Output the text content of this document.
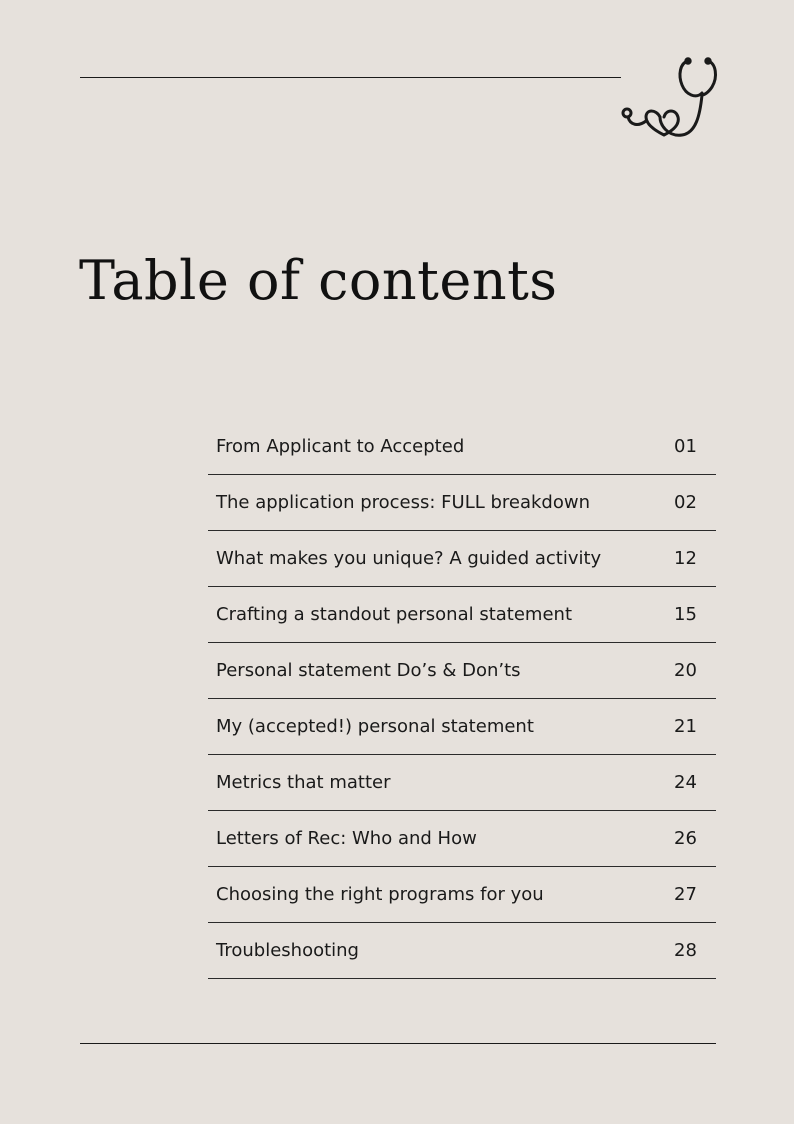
Table of contents
From Applicant to Accepted	01
The application process: FULL breakdown	02
What makes you unique? A guided activity	12
Crafting a standout personal statement	15
Personal statement Do’s & Don’ts	20
My (accepted!) personal statement	21
Metrics that matter	24
Letters of Rec: Who and How	26
Choosing the right programs for you	27
Troubleshooting	28
